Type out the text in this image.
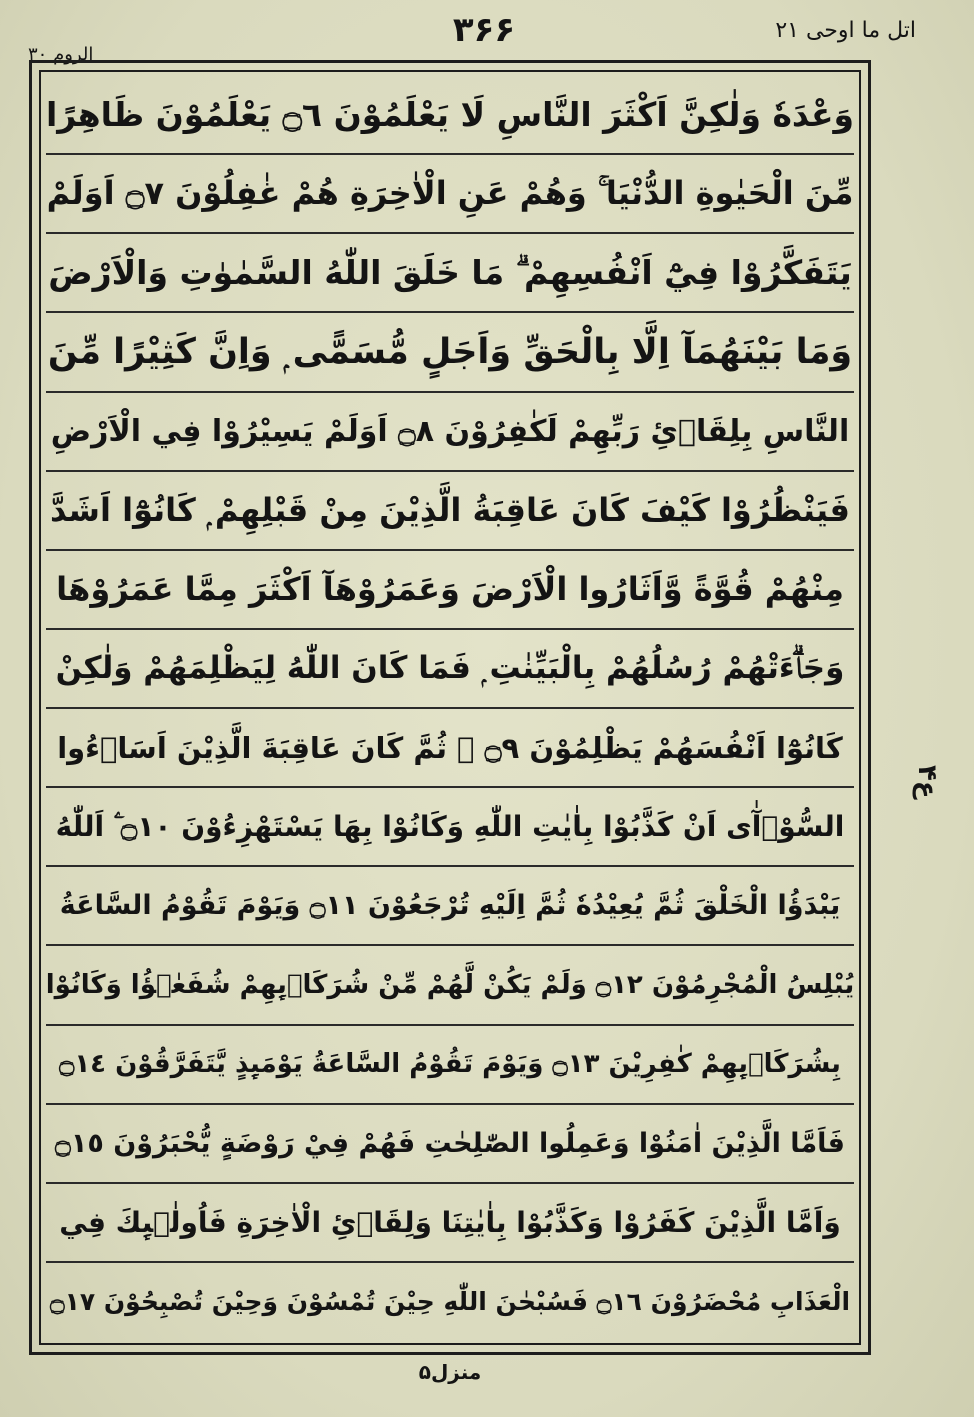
اتل ما اوحی ۲۱
۳۶۶
الروم ۳۰
وَعْدَهٗ وَلٰكِنَّ اَكْثَرَ النَّاسِ لَا يَعْلَمُوْنَ ۝٦ يَعْلَمُوْنَ ظَاهِرًا
مِّنَ الْحَيٰوةِ الدُّنْيَا ۚ وَهُمْ عَنِ الْاٰخِرَةِ هُمْ غٰفِلُوْنَ ۝٧ اَوَلَمْ
يَتَفَكَّرُوْا فِيْٓ اَنْفُسِهِمْ ۗ مَا خَلَقَ اللّٰهُ السَّمٰوٰتِ وَالْاَرْضَ
وَمَا بَيْنَهُمَآ اِلَّا بِالْحَقِّ وَاَجَلٍ مُّسَمًّى ۭ وَاِنَّ كَثِيْرًا مِّنَ
النَّاسِ بِلِقَاۗئِ رَبِّهِمْ لَكٰفِرُوْنَ ۝٨ اَوَلَمْ يَسِيْرُوْا فِي الْاَرْضِ
فَيَنْظُرُوْا كَيْفَ كَانَ عَاقِبَةُ الَّذِيْنَ مِنْ قَبْلِهِمْ ۭ كَانُوْٓا اَشَدَّ
مِنْهُمْ قُوَّةً وَّاَثَارُوا الْاَرْضَ وَعَمَرُوْهَآ اَكْثَرَ مِمَّا عَمَرُوْهَا
وَجَاۗءَتْهُمْ رُسُلُهُمْ بِالْبَيِّنٰتِ ۭ فَمَا كَانَ اللّٰهُ لِيَظْلِمَهُمْ وَلٰكِنْ
كَانُوْٓا اَنْفُسَهُمْ يَظْلِمُوْنَ ۝٩ ۭ ثُمَّ كَانَ عَاقِبَةَ الَّذِيْنَ اَسَاۗءُوا
السُّوْۗآٰى اَنْ كَذَّبُوْا بِاٰيٰتِ اللّٰهِ وَكَانُوْا بِهَا يَسْتَهْزِءُوْنَ ۝١٠ ۧ اَللّٰهُ
يَبْدَؤُا الْخَلْقَ ثُمَّ يُعِيْدُهٗ ثُمَّ اِلَيْهِ تُرْجَعُوْنَ ۝١١ وَيَوْمَ تَقُوْمُ السَّاعَةُ
يُبْلِسُ الْمُجْرِمُوْنَ ۝١٢ وَلَمْ يَكُنْ لَّهُمْ مِّنْ شُرَكَاۗىِٕهِمْ شُفَعٰۗؤُا وَكَانُوْا
بِشُرَكَاۗىِٕهِمْ كٰفِرِيْنَ ۝١٣ وَيَوْمَ تَقُوْمُ السَّاعَةُ يَوْمَىِٕذٍ يَّتَفَرَّقُوْنَ ۝١٤
فَاَمَّا الَّذِيْنَ اٰمَنُوْا وَعَمِلُوا الصّٰلِحٰتِ فَهُمْ فِيْ رَوْضَةٍ يُّحْبَرُوْنَ ۝١٥
وَاَمَّا الَّذِيْنَ كَفَرُوْا وَكَذَّبُوْا بِاٰيٰتِنَا وَلِقَاۗئِ الْاٰخِرَةِ فَاُولٰۗىِٕكَ فِي
الْعَذَابِ مُحْضَرُوْنَ ۝١٦ فَسُبْحٰنَ اللّٰهِ حِيْنَ تُمْسُوْنَ وَحِيْنَ تُصْبِحُوْنَ ۝١٧
ع۴
منزل۵
